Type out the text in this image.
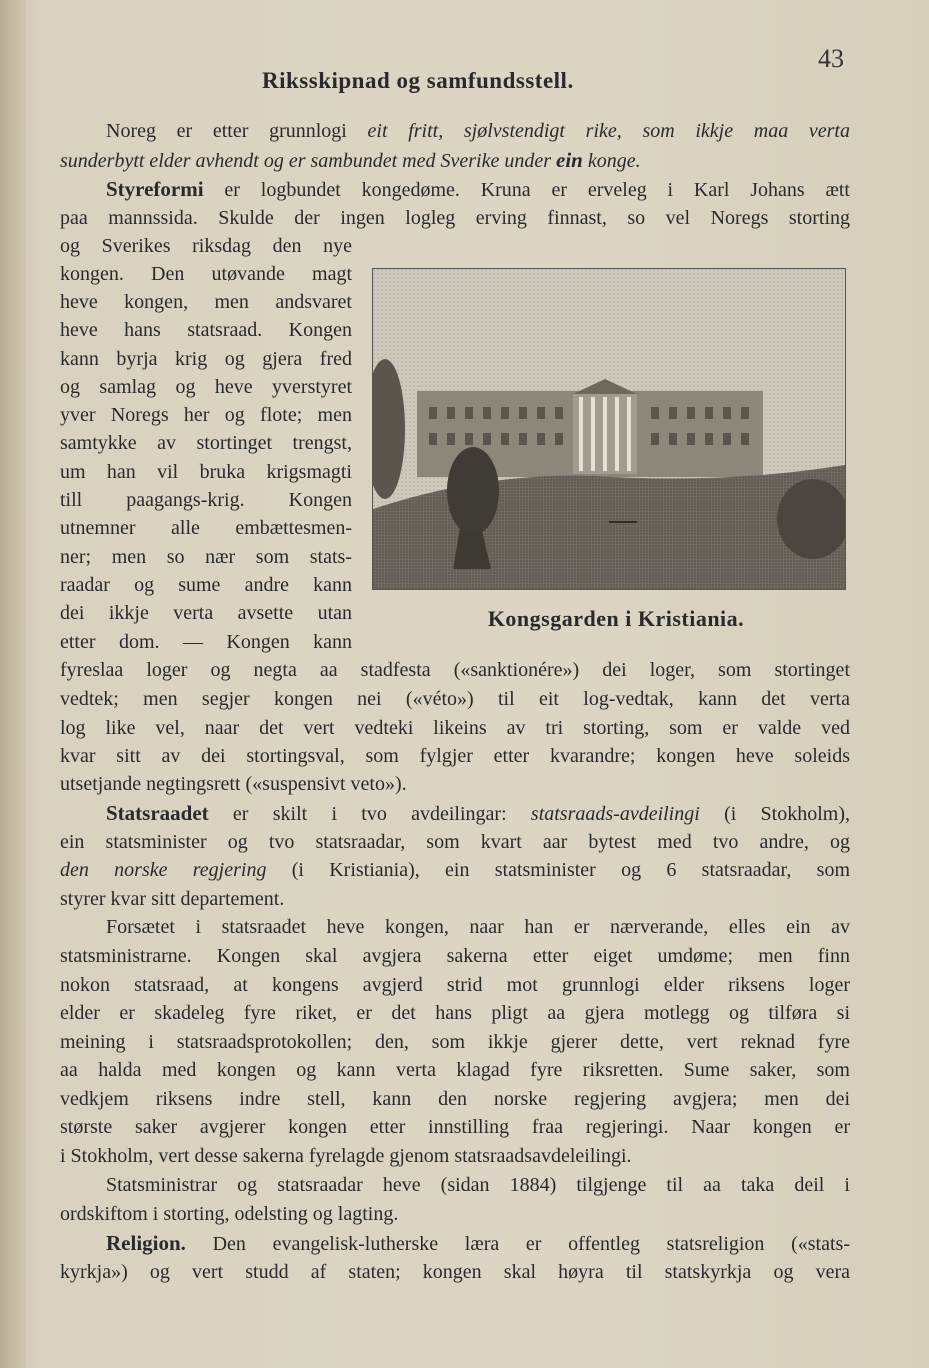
43
Riksskipnad og samfundsstell.
Noreg er etter grunnlogi eit fritt, sjølvstendigt rike, som ikkje maa verta
sunderbytt elder avhendt og er sambundet med Sverike under ein konge.
Styreformi er logbundet kongedøme. Kruna er erveleg i Karl Johans ætt
paa mannssida. Skulde der ingen logleg erving finnast, so vel Noregs storting
og Sverikes riksdag den nye
kongen. Den utøvande magt
heve kongen, men andsvaret
heve hans statsraad. Kongen
kann byrja krig og gjera fred
og samlag og heve yverstyret
yver Noregs her og flote; men
samtykke av stortinget trengst,
um han vil bruka krigsmagti
till paagangs-krig. Kongen
utnemner alle embættesmen-
ner; men so nær som stats-
raadar og sume andre kann
dei ikkje verta avsette utan
etter dom. — Kongen kann
fyreslaa loger og negta aa stadfesta («sanktionére») dei loger, som stortinget
vedtek; men segjer kongen nei («véto») til eit log-vedtak, kann det verta
log like vel, naar det vert vedteki likeins av tri storting, som er valde ved
kvar sitt av dei stortingsval, som fylgjer etter kvarandre; kongen heve soleids
utsetjande negtingsrett («suspensivt veto»).
Statsraadet er skilt i tvo avdeilingar: statsraads-avdeilingi (i Stokholm),
ein statsminister og tvo statsraadar, som kvart aar bytest med tvo andre, og
den norske regjering (i Kristiania), ein statsminister og 6 statsraadar, som
styrer kvar sitt departement.
Forsætet i statsraadet heve kongen, naar han er nærverande, elles ein av
statsministrarne. Kongen skal avgjera sakerna etter eiget umdøme; men finn
nokon statsraad, at kongens avgjerd strid mot grunnlogi elder riksens loger
elder er skadeleg fyre riket, er det hans pligt aa gjera motlegg og tilføra si
meining i statsraadsprotokollen; den, som ikkje gjerer dette, vert reknad fyre
aa halda med kongen og kann verta klagad fyre riksretten. Sume saker, som
vedkjem riksens indre stell, kann den norske regjering avgjera; men dei
største saker avgjerer kongen etter innstilling fraa regjeringi. Naar kongen er
i Stokholm, vert desse sakerna fyrelagde gjenom statsraadsavdeleilingi.
Statsministrar og statsraadar heve (sidan 1884) tilgjenge til aa taka deil i
ordskiftom i storting, odelsting og lagting.
Religion. Den evangelisk-lutherske læra er offentleg statsreligion («stats-
kyrkja») og vert studd af staten; kongen skal høyra til statskyrkja og vera
Kongsgarden i Kristiania.
